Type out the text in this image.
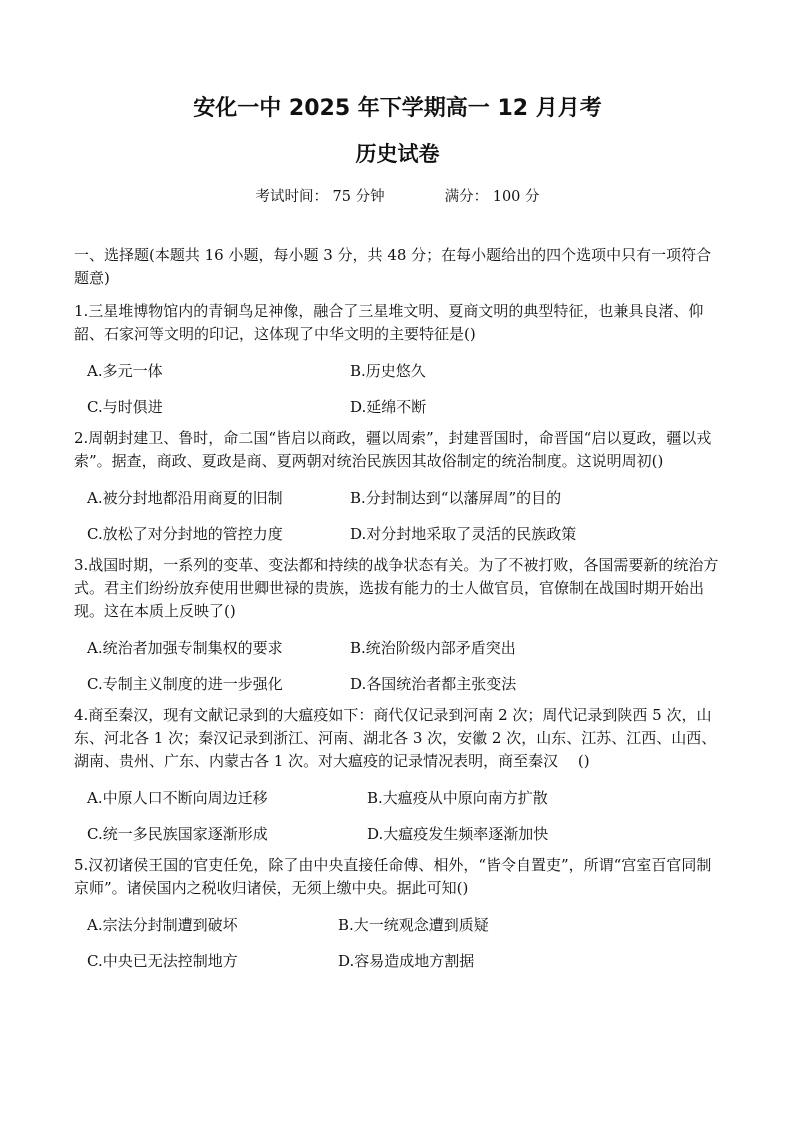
安化一中 2025 年下学期高一 12 月月考
历史试卷
考试时间： 75 分钟	满分： 100 分
一、选择题(本题共 16 小题，每小题 3 分，共 48 分；在每小题给出的四个选项中只有一项符合题意)
1.三星堆博物馆内的青铜鸟足神像，融合了三星堆文明、夏商文明的典型特征，也兼具良渚、仰韶、石家河等文明的印记，这体现了中华文明的主要特征是()
A.多元一体	B.历史悠久
C.与时俱进	D.延绵不断
2.周朝封建卫、鲁时，命二国“皆启以商政，疆以周索”，封建晋国时，命晋国“启以夏政，疆以戎索”。据查，商政、夏政是商、夏两朝对统治民族因其故俗制定的统治制度。这说明周初()
A.被分封地都沿用商夏的旧制	B.分封制达到“以藩屏周”的目的
C.放松了对分封地的管控力度	D.对分封地采取了灵活的民族政策
3.战国时期，一系列的变革、变法都和持续的战争状态有关。为了不被打败，各国需要新的统治方式。君主们纷纷放弃使用世卿世禄的贵族，选拔有能力的士人做官员，官僚制在战国时期开始出现。这在本质上反映了()
A.统治者加强专制集权的要求	B.统治阶级内部矛盾突出
C.专制主义制度的进一步强化	D.各国统治者都主张变法
4.商至秦汉，现有文献记录到的大瘟疫如下：商代仅记录到河南 2 次；周代记录到陕西 5 次，山东、河北各 1 次；秦汉记录到浙江、河南、湖北各 3 次，安徽 2 次，山东、江苏、江西、山西、湖南、贵州、广东、内蒙古各 1 次。对大瘟疫的记录情况表明，商至秦汉　 ()
A.中原人口不断向周边迁移	B.大瘟疫从中原向南方扩散
C.统一多民族国家逐渐形成	D.大瘟疫发生频率逐渐加快
5.汉初诸侯王国的官吏任免，除了由中央直接任命傅、相外，“皆令自置吏”，所谓“宫室百官同制京师”。诸侯国内之税收归诸侯，无须上缴中央。据此可知()
A.宗法分封制遭到破坏	B.大一统观念遭到质疑
C.中央已无法控制地方	D.容易造成地方割据
